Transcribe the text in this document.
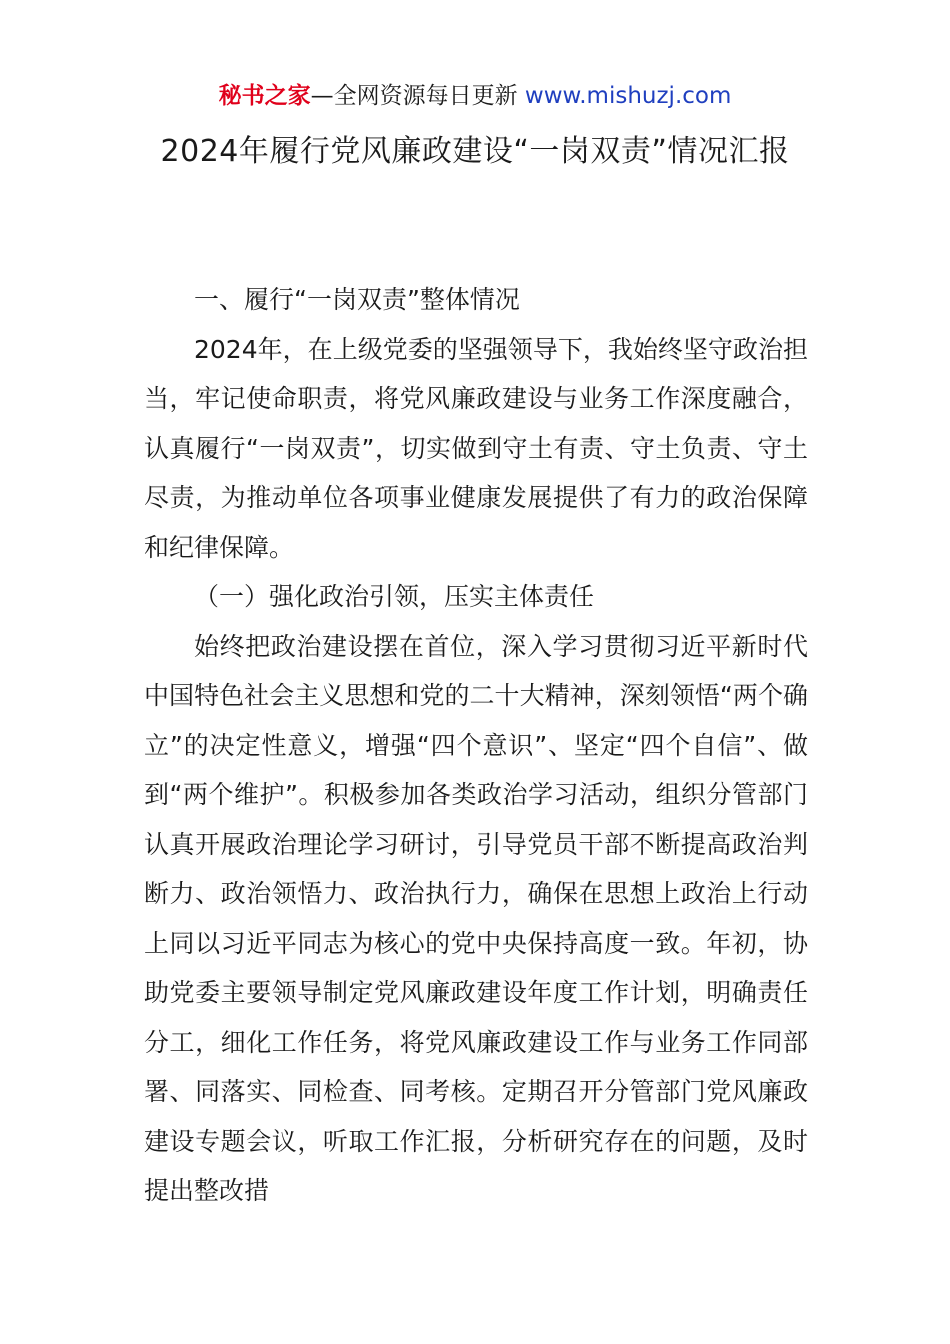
秘书之家—全网资源每日更新 www.mishuzj.com
2024年履行党风廉政建设“一岗双责”情况汇报

一、履行“一岗双责”整体情况

2024年，在上级党委的坚强领导下，我始终坚守政治担当，牢记使命职责，将党风廉政建设与业务工作深度融合，认真履行“一岗双责”，切实做到守土有责、守土负责、守土尽责，为推动单位各项事业健康发展提供了有力的政治保障和纪律保障。

（一）强化政治引领，压实主体责任

始终把政治建设摆在首位，深入学习贯彻习近平新时代中国特色社会主义思想和党的二十大精神，深刻领悟“两个确立”的决定性意义，增强“四个意识”、坚定“四个自信”、做到“两个维护”。积极参加各类政治学习活动，组织分管部门认真开展政治理论学习研讨，引导党员干部不断提高政治判断力、政治领悟力、政治执行力，确保在思想上政治上行动上同以习近平同志为核心的党中央保持高度一致。年初，协助党委主要领导制定党风廉政建设年度工作计划，明确责任分工，细化工作任务，将党风廉政建设工作与业务工作同部署、同落实、同检查、同考核。定期召开分管部门党风廉政建设专题会议，听取工作汇报，分析研究存在的问题，及时提出整改措
